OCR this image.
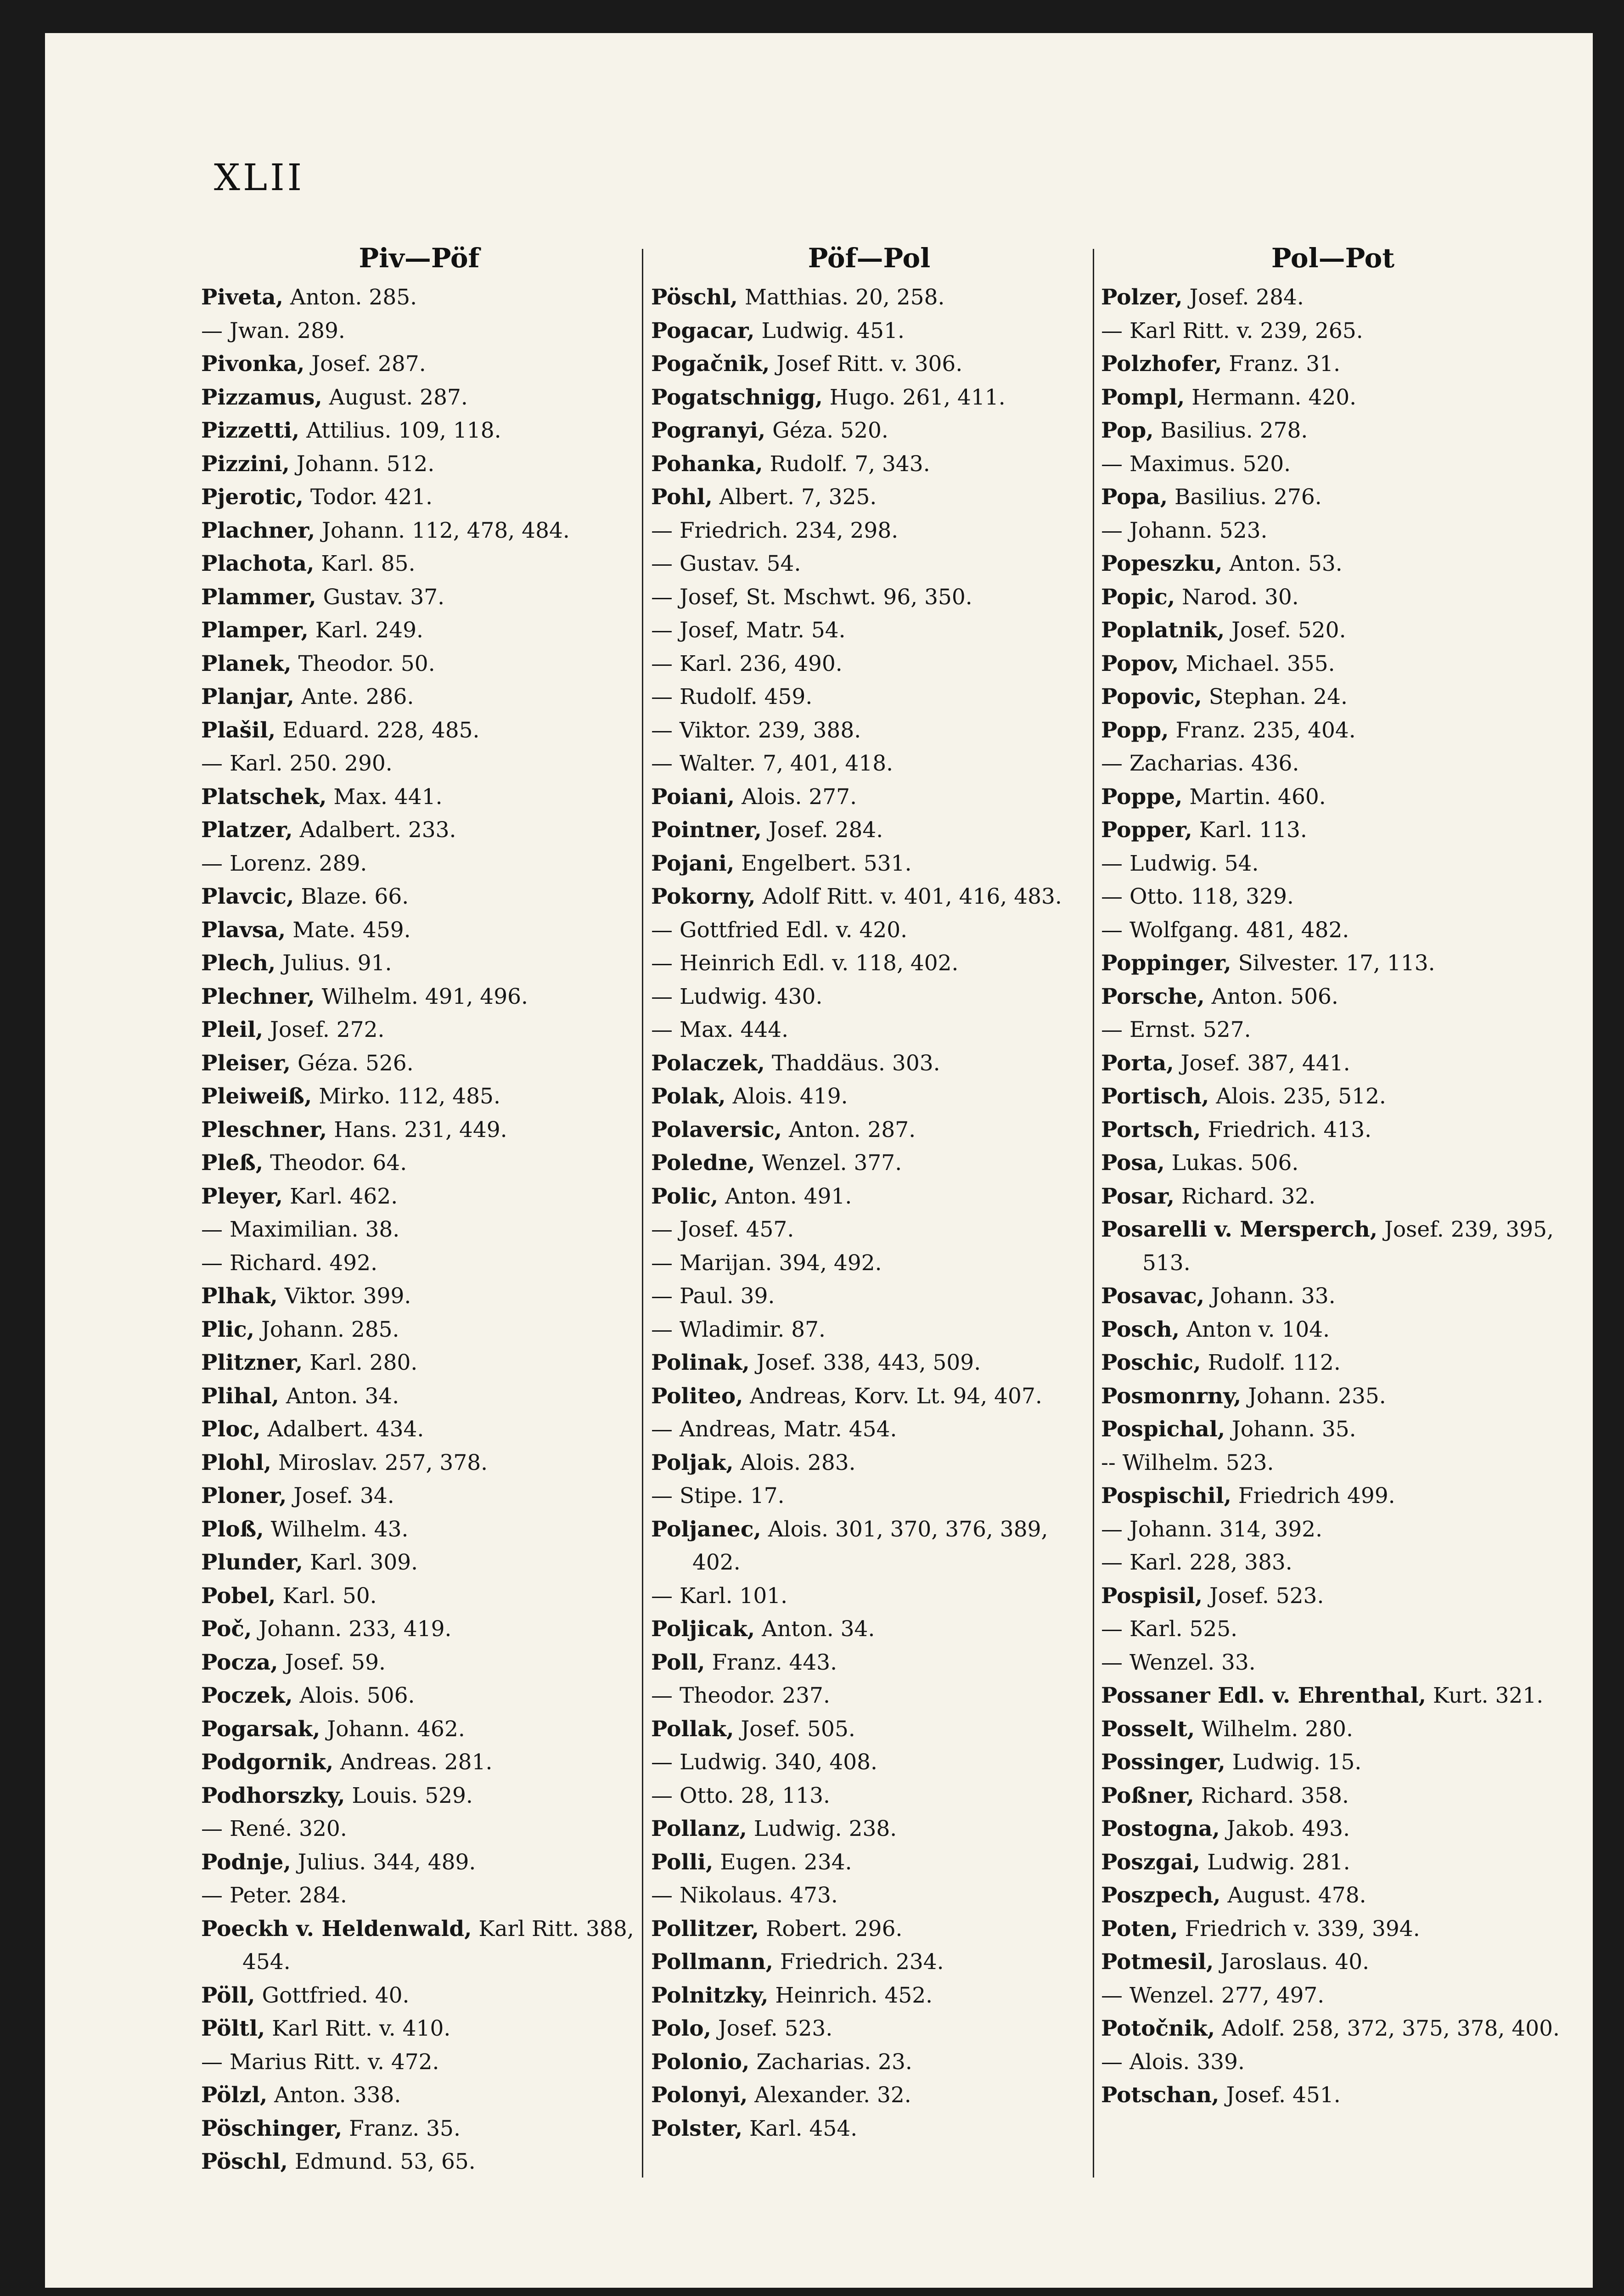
XLII
Piv—Pöf
Piveta, Anton. 285.
— Jwan. 289.
Pivonka, Josef. 287.
Pizzamus, August. 287.
Pizzetti, Attilius. 109, 118.
Pizzini, Johann. 512.
Pjerotic, Todor. 421.
Plachner, Johann. 112, 478, 484.
Plachota, Karl. 85.
Plammer, Gustav. 37.
Plamper, Karl. 249.
Planek, Theodor. 50.
Planjar, Ante. 286.
Plašil, Eduard. 228, 485.
— Karl. 250. 290.
Platschek, Max. 441.
Platzer, Adalbert. 233.
— Lorenz. 289.
Plavcic, Blaze. 66.
Plavsa, Mate. 459.
Plech, Julius. 91.
Plechner, Wilhelm. 491, 496.
Pleil, Josef. 272.
Pleiser, Géza. 526.
Pleiweiß, Mirko. 112, 485.
Pleschner, Hans. 231, 449.
Pleß, Theodor. 64.
Pleyer, Karl. 462.
— Maximilian. 38.
— Richard. 492.
Plhak, Viktor. 399.
Plic, Johann. 285.
Plitzner, Karl. 280.
Plihal, Anton. 34.
Ploc, Adalbert. 434.
Plohl, Miroslav. 257, 378.
Ploner, Josef. 34.
Ploß, Wilhelm. 43.
Plunder, Karl. 309.
Pobel, Karl. 50.
Poč, Johann. 233, 419.
Pocza, Josef. 59.
Poczek, Alois. 506.
Pogarsak, Johann. 462.
Podgornik, Andreas. 281.
Podhorszky, Louis. 529.
— René. 320.
Podnje, Julius. 344, 489.
— Peter. 284.
Poeckh v. Heldenwald, Karl Ritt. 388, 454.
Pöll, Gottfried. 40.
Pöltl, Karl Ritt. v. 410.
— Marius Ritt. v. 472.
Pölzl, Anton. 338.
Pöschinger, Franz. 35.
Pöschl, Edmund. 53, 65.
Pöf—Pol
Pöschl, Matthias. 20, 258.
Pogacar, Ludwig. 451.
Pogačnik, Josef Ritt. v. 306.
Pogatschnigg, Hugo. 261, 411.
Pogranyi, Géza. 520.
Pohanka, Rudolf. 7, 343.
Pohl, Albert. 7, 325.
— Friedrich. 234, 298.
— Gustav. 54.
— Josef, St. Mschwt. 96, 350.
— Josef, Matr. 54.
— Karl. 236, 490.
— Rudolf. 459.
— Viktor. 239, 388.
— Walter. 7, 401, 418.
Poiani, Alois. 277.
Pointner, Josef. 284.
Pojani, Engelbert. 531.
Pokorny, Adolf Ritt. v. 401, 416, 483.
— Gottfried Edl. v. 420.
— Heinrich Edl. v. 118, 402.
— Ludwig. 430.
— Max. 444.
Polaczek, Thaddäus. 303.
Polak, Alois. 419.
Polaversic, Anton. 287.
Poledne, Wenzel. 377.
Polic, Anton. 491.
— Josef. 457.
— Marijan. 394, 492.
— Paul. 39.
— Wladimir. 87.
Polinak, Josef. 338, 443, 509.
Politeo, Andreas, Korv. Lt. 94, 407.
— Andreas, Matr. 454.
Poljak, Alois. 283.
— Stipe. 17.
Poljanec, Alois. 301, 370, 376, 389, 402.
— Karl. 101.
Poljicak, Anton. 34.
Poll, Franz. 443.
— Theodor. 237.
Pollak, Josef. 505.
— Ludwig. 340, 408.
— Otto. 28, 113.
Pollanz, Ludwig. 238.
Polli, Eugen. 234.
— Nikolaus. 473.
Pollitzer, Robert. 296.
Pollmann, Friedrich. 234.
Polnitzky, Heinrich. 452.
Polo, Josef. 523.
Polonio, Zacharias. 23.
Polonyi, Alexander. 32.
Polster, Karl. 454.
Pol—Pot
Polzer, Josef. 284.
— Karl Ritt. v. 239, 265.
Polzhofer, Franz. 31.
Pompl, Hermann. 420.
Pop, Basilius. 278.
— Maximus. 520.
Popa, Basilius. 276.
— Johann. 523.
Popeszku, Anton. 53.
Popic, Narod. 30.
Poplatnik, Josef. 520.
Popov, Michael. 355.
Popovic, Stephan. 24.
Popp, Franz. 235, 404.
— Zacharias. 436.
Poppe, Martin. 460.
Popper, Karl. 113.
— Ludwig. 54.
— Otto. 118, 329.
— Wolfgang. 481, 482.
Poppinger, Silvester. 17, 113.
Porsche, Anton. 506.
— Ernst. 527.
Porta, Josef. 387, 441.
Portisch, Alois. 235, 512.
Portsch, Friedrich. 413.
Posa, Lukas. 506.
Posar, Richard. 32.
Posarelli v. Mersperch, Josef. 239, 395, 513.
Posavac, Johann. 33.
Posch, Anton v. 104.
Poschic, Rudolf. 112.
Posmonrny, Johann. 235.
Pospichal, Johann. 35.
-- Wilhelm. 523.
Pospischil, Friedrich 499.
— Johann. 314, 392.
— Karl. 228, 383.
Pospisil, Josef. 523.
— Karl. 525.
— Wenzel. 33.
Possaner Edl. v. Ehrenthal, Kurt. 321.
Posselt, Wilhelm. 280.
Possinger, Ludwig. 15.
Poßner, Richard. 358.
Postogna, Jakob. 493.
Poszgai, Ludwig. 281.
Poszpech, August. 478.
Poten, Friedrich v. 339, 394.
Potmesil, Jaroslaus. 40.
— Wenzel. 277, 497.
Potočnik, Adolf. 258, 372, 375, 378, 400.
— Alois. 339.
Potschan, Josef. 451.
